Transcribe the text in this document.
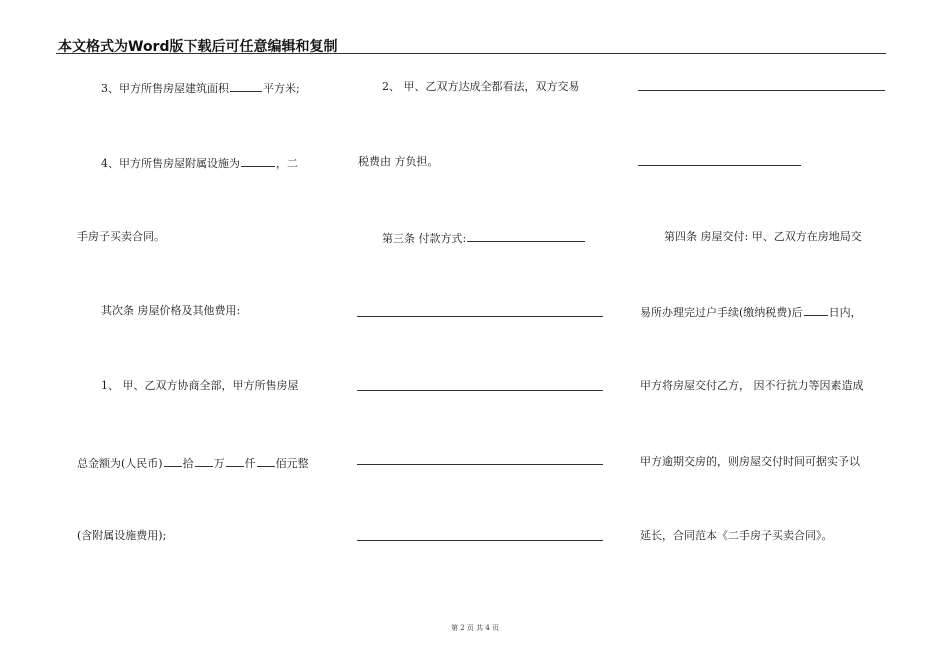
本文格式为Word版下载后可任意编辑和复制
3、甲方所售房屋建筑面积	平方米;
4、甲方所售房屋附属设施为	，二
手房子买卖合同。
其次条 房屋价格及其他费用:
1、 甲、乙双方协商全部，甲方所售房屋
总金额为(人民币) 拾 万 仟 佰元整
(含附属设施费用);
2、 甲、乙双方达成全都看法，双方交易
税费由 方负担。
第三条 付款方式:	第四条 房屋交付: 甲、乙双方在房地局交
易所办理完过户手续(缴纳税费)后 日内，
甲方将房屋交付乙方， 因不行抗力等因素造成
甲方逾期交房的，则房屋交付时间可据实予以
延长，合同范本《二手房子买卖合同》。
第 2 页 共 4 页
